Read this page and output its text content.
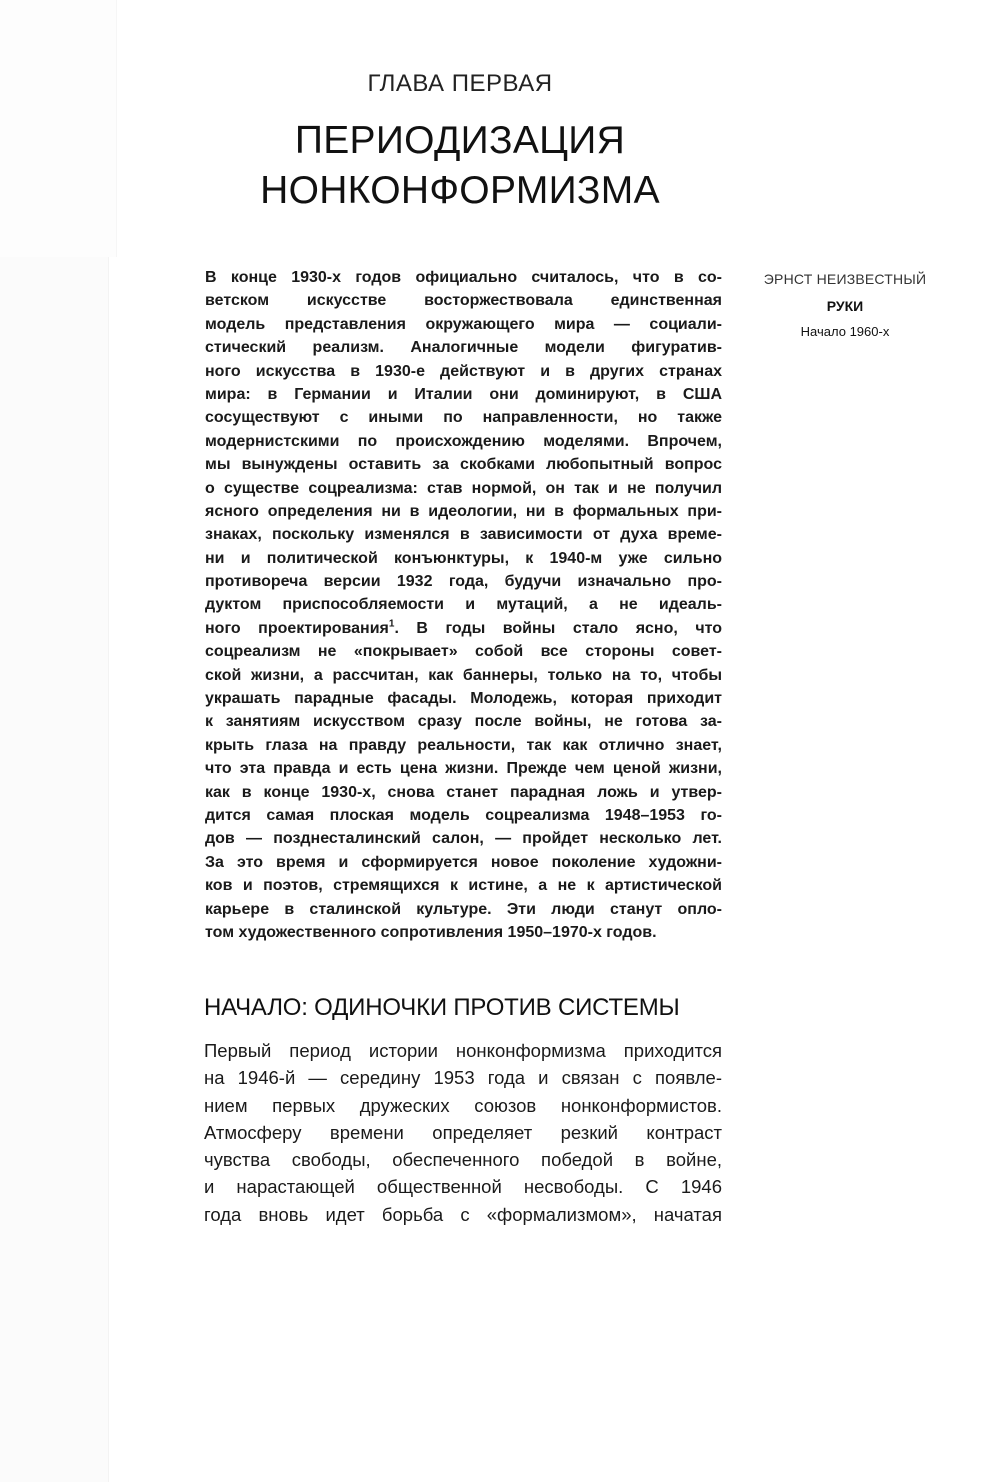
ГЛАВА ПЕРВАЯ
ПЕРИОДИЗАЦИЯ
НОНКОНФОРМИЗМА
В конце 1930-х годов официально считалось, что в со-
ветском искусстве восторжествовала единственная
модель представления окружающего мира — социали-
стический реализм. Аналогичные модели фигуратив-
ного искусства в 1930-е действуют и в других странах
мира: в Германии и Италии они доминируют, в США
сосуществуют с иными по направленности, но также
модернистскими по происхождению моделями. Впрочем,
мы вынуждены оставить за скобками любопытный вопрос
о существе соцреализма: став нормой, он так и не получил
ясного определения ни в идеологии, ни в формальных при-
знаках, поскольку изменялся в зависимости от духа време-
ни и политической конъюнктуры, к 1940-м уже сильно
противореча версии 1932 года, будучи изначально про-
дуктом приспособляемости и мутаций, а не идеаль-
ного проектирования$^1$. В годы войны стало ясно, что
соцреализм не «покрывает» собой все стороны совет-
ской жизни, а рассчитан, как баннеры, только на то, чтобы
украшать парадные фасады. Молодежь, которая приходит
к занятиям искусством сразу после войны, не готова за-
крыть глаза на правду реальности, так как отлично знает,
что эта правда и есть цена жизни. Прежде чем ценой жизни,
как в конце 1930-х, снова станет парадная ложь и утвер-
дится самая плоская модель соцреализма 1948–1953 го-
дов — позднесталинский салон, — пройдет несколько лет.
За это время и сформируется новое поколение художни-
ков и поэтов, стремящихся к истине, а не к артистической
карьере в сталинской культуре. Эти люди станут опло-
том художественного сопротивления 1950–1970-х годов.
НАЧАЛО: ОДИНОЧКИ ПРОТИВ СИСТЕМЫ
Первый период истории нонконформизма приходится
на 1946-й — середину 1953 года и связан с появле-
нием первых дружеских союзов нонконформистов.
Атмосферу времени определяет резкий контраст
чувства свободы, обеспеченного победой в войне,
и нарастающей общественной несвободы. С 1946
года вновь идет борьба с «формализмом», начатая
ЭРНСТ НЕИЗВЕСТНЫЙ
РУКИ
Начало 1960-х
